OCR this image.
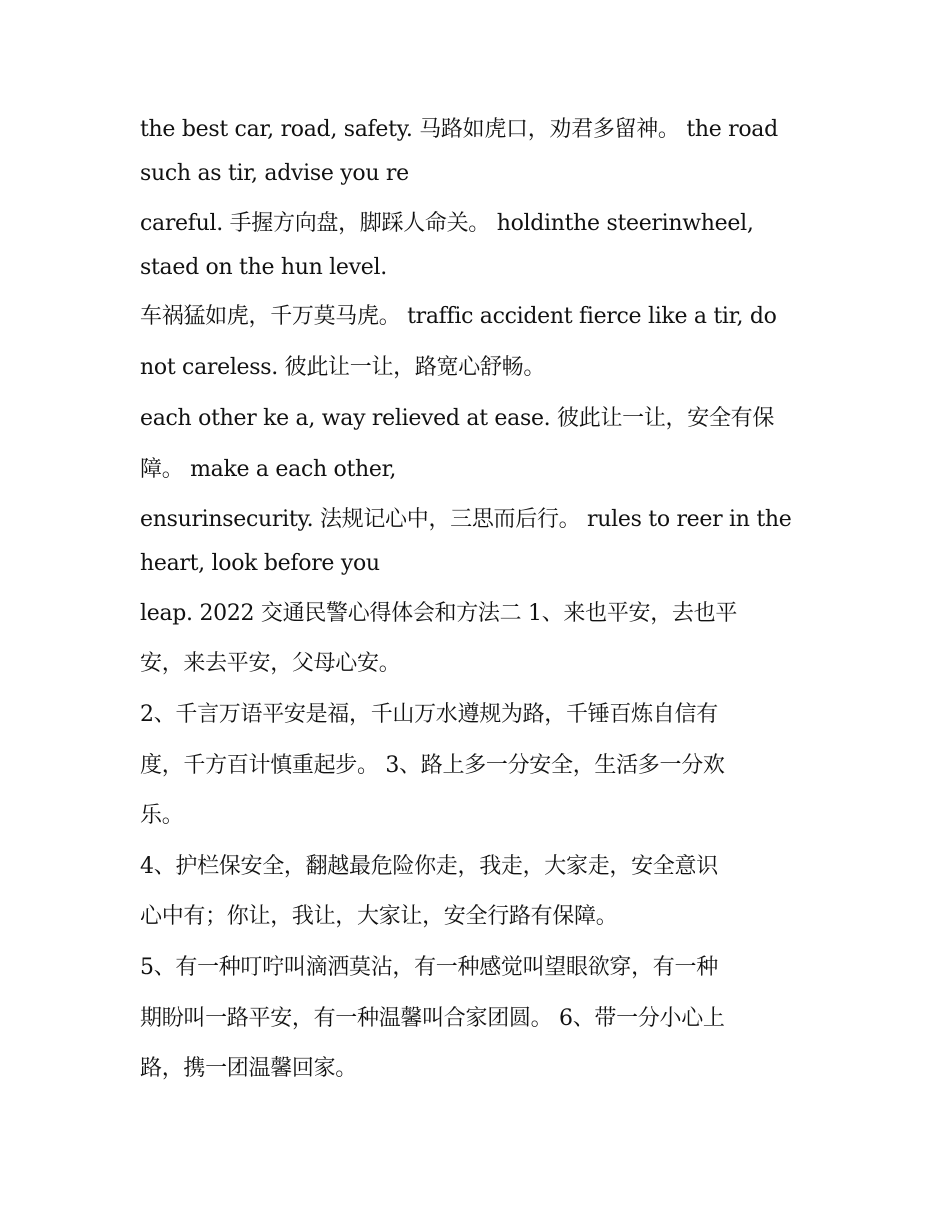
the best car, road, safety. 马路如虎口，劝君多留神。 the road
such as tir, advise you re
careful. 手握方向盘，脚踩人命关。 holdinthe steerinwheel,
staed on the hun level.
车祸猛如虎，千万莫马虎。 traffic accident fierce like a tir, do
not careless. 彼此让一让，路宽心舒畅。
each other ke a, way relieved at ease. 彼此让一让，安全有保
障。 make a each other,
ensurinsecurity. 法规记心中，三思而后行。 rules to reer in the
heart, look before you
leap. 2022 交通民警心得体会和方法二 1、来也平安，去也平
安，来去平安，父母心安。
2、千言万语平安是福，千山万水遵规为路，千锤百炼自信有
度，千方百计慎重起步。 3、路上多一分安全，生活多一分欢
乐。
4、护栏保安全，翻越最危险你走，我走，大家走，安全意识
心中有；你让，我让，大家让，安全行路有保障。
5、有一种叮咛叫滴洒莫沾，有一种感觉叫望眼欲穿，有一种
期盼叫一路平安，有一种温馨叫合家团圆。 6、带一分小心上
路，携一团温馨回家。
